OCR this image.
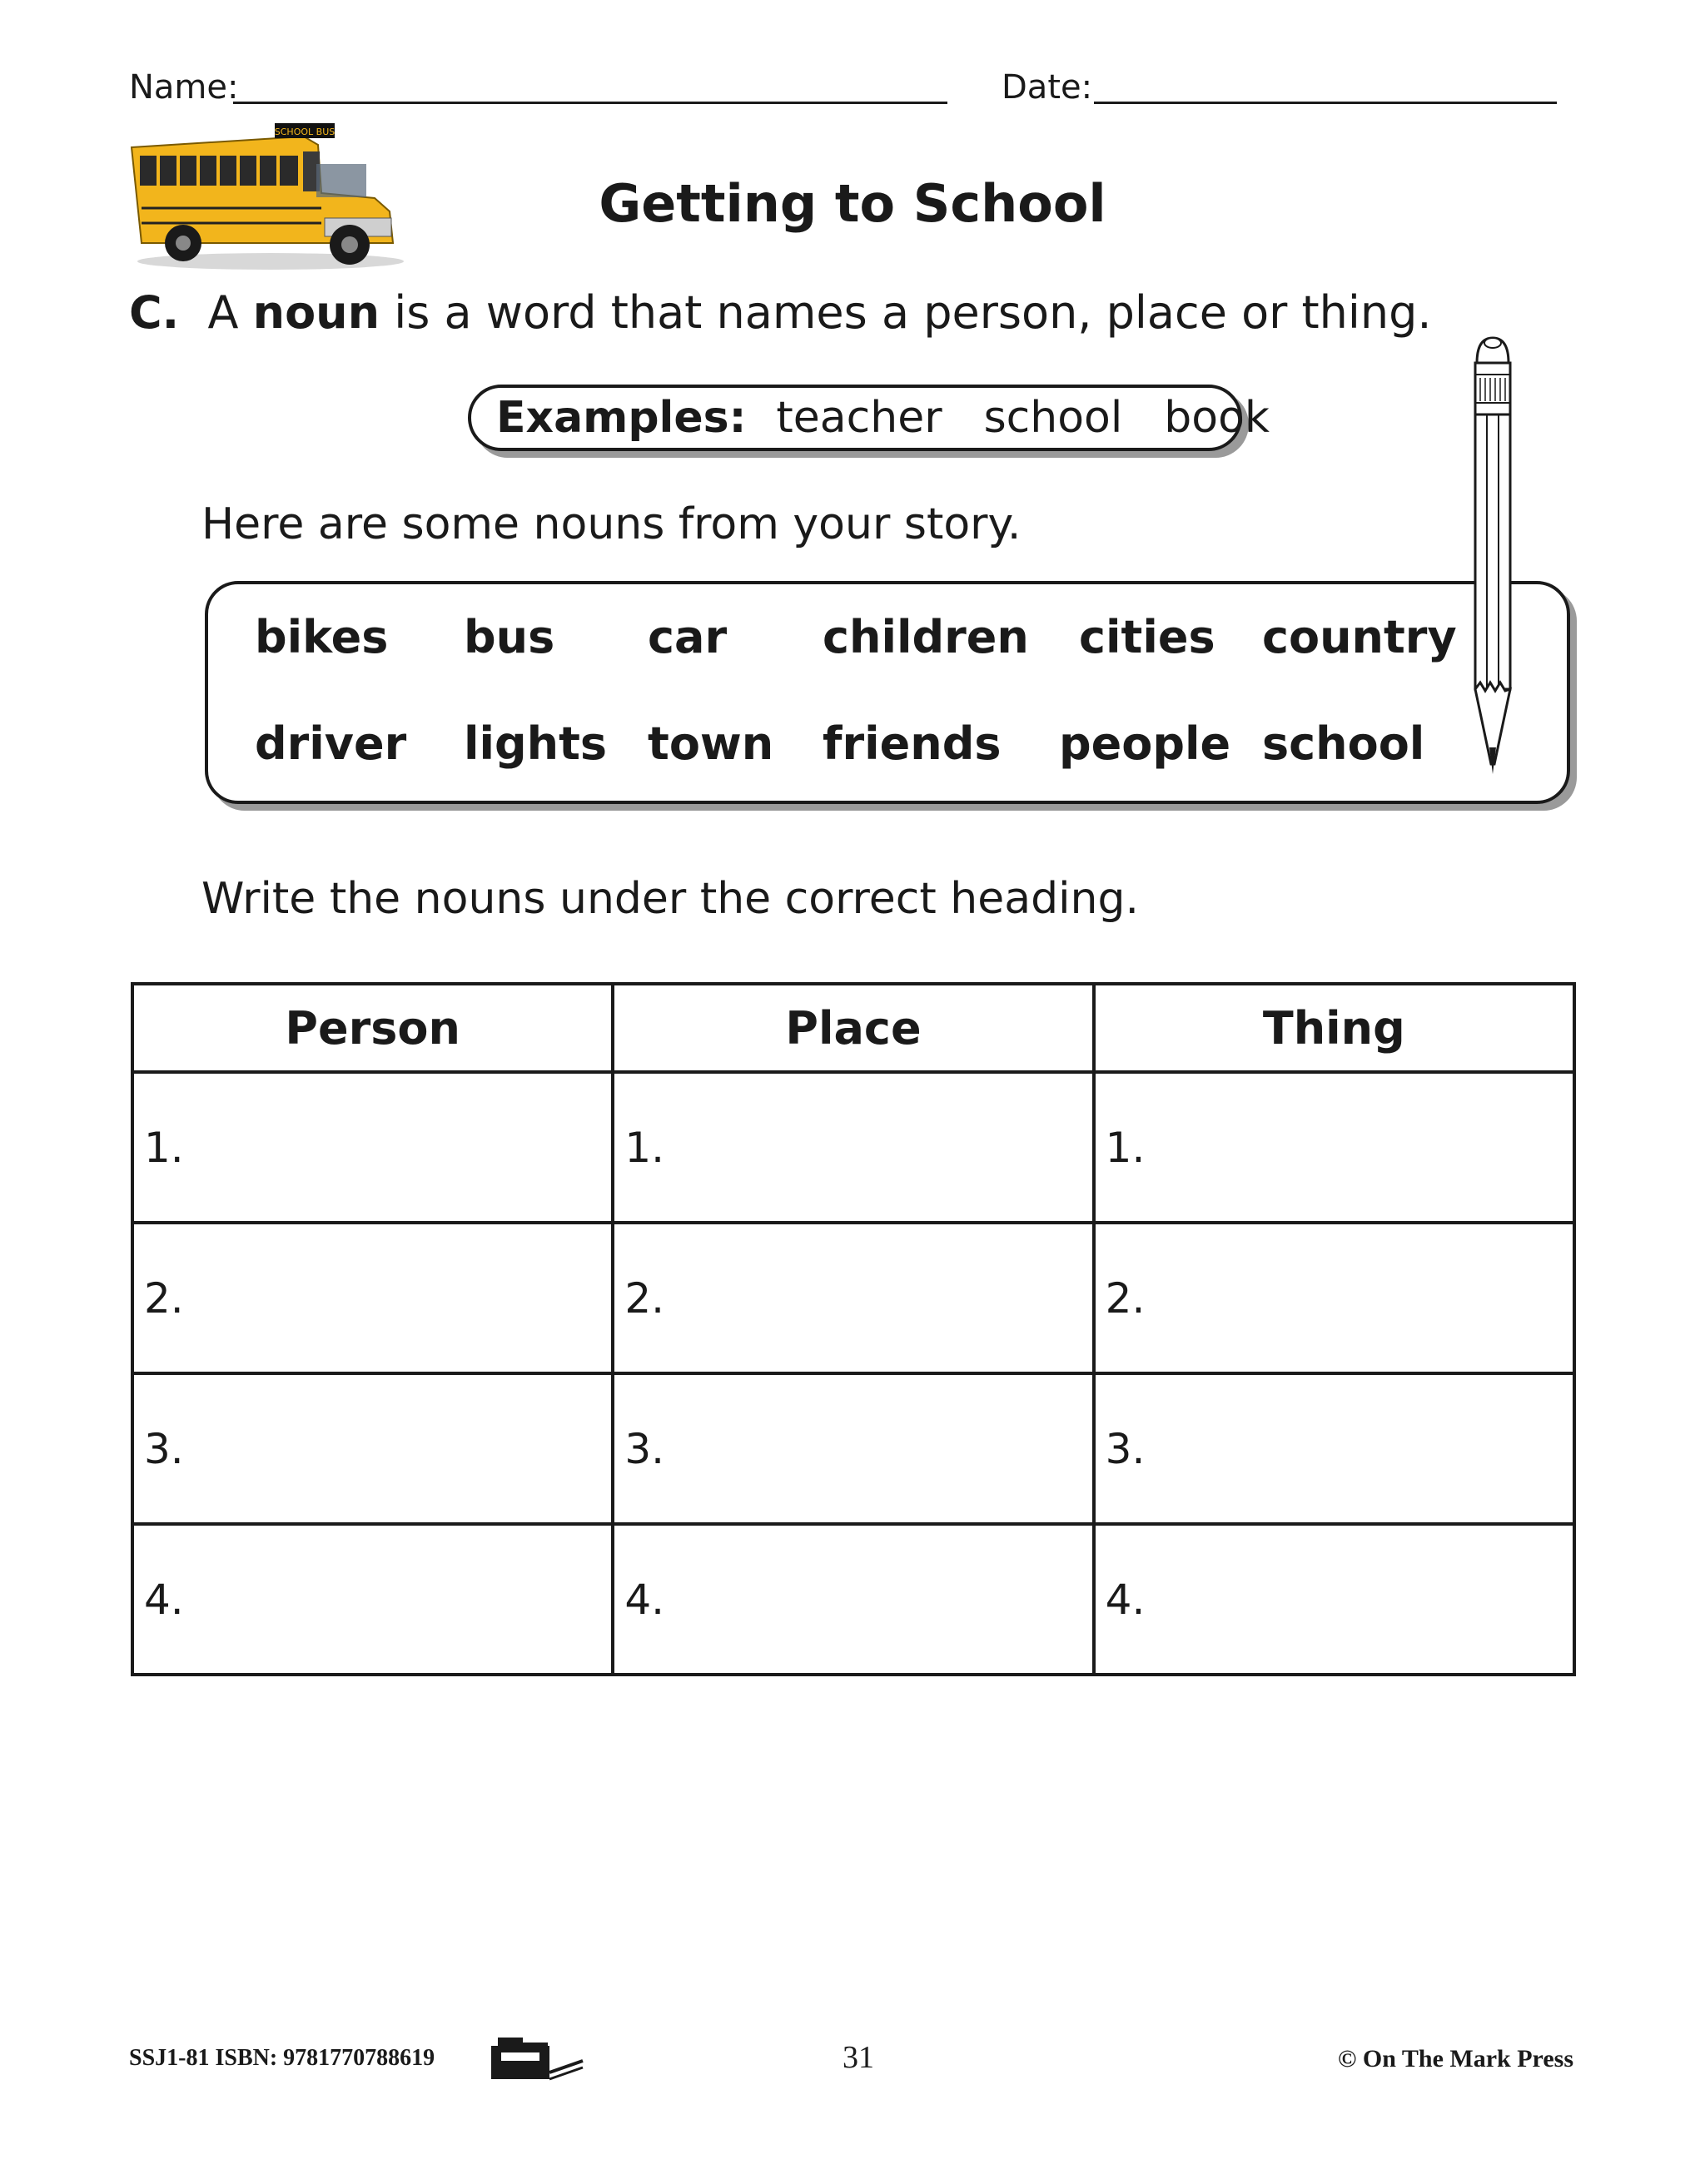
Name:	Date:
SCHOOL BUS
Getting to School
C. A noun is a word that names a person, place or thing.
Examples: teacher school book
Here are some nouns from your story.
bikes bus car children cities country
driver lights town friends people school
Write the nouns under the correct heading.
Person	Place	Thing
1.	1.	1.
2.	2.	2.
3.	3.	3.
4.	4.	4.
SSJ1-81 ISBN: 9781770788619	31	© On The Mark Press
